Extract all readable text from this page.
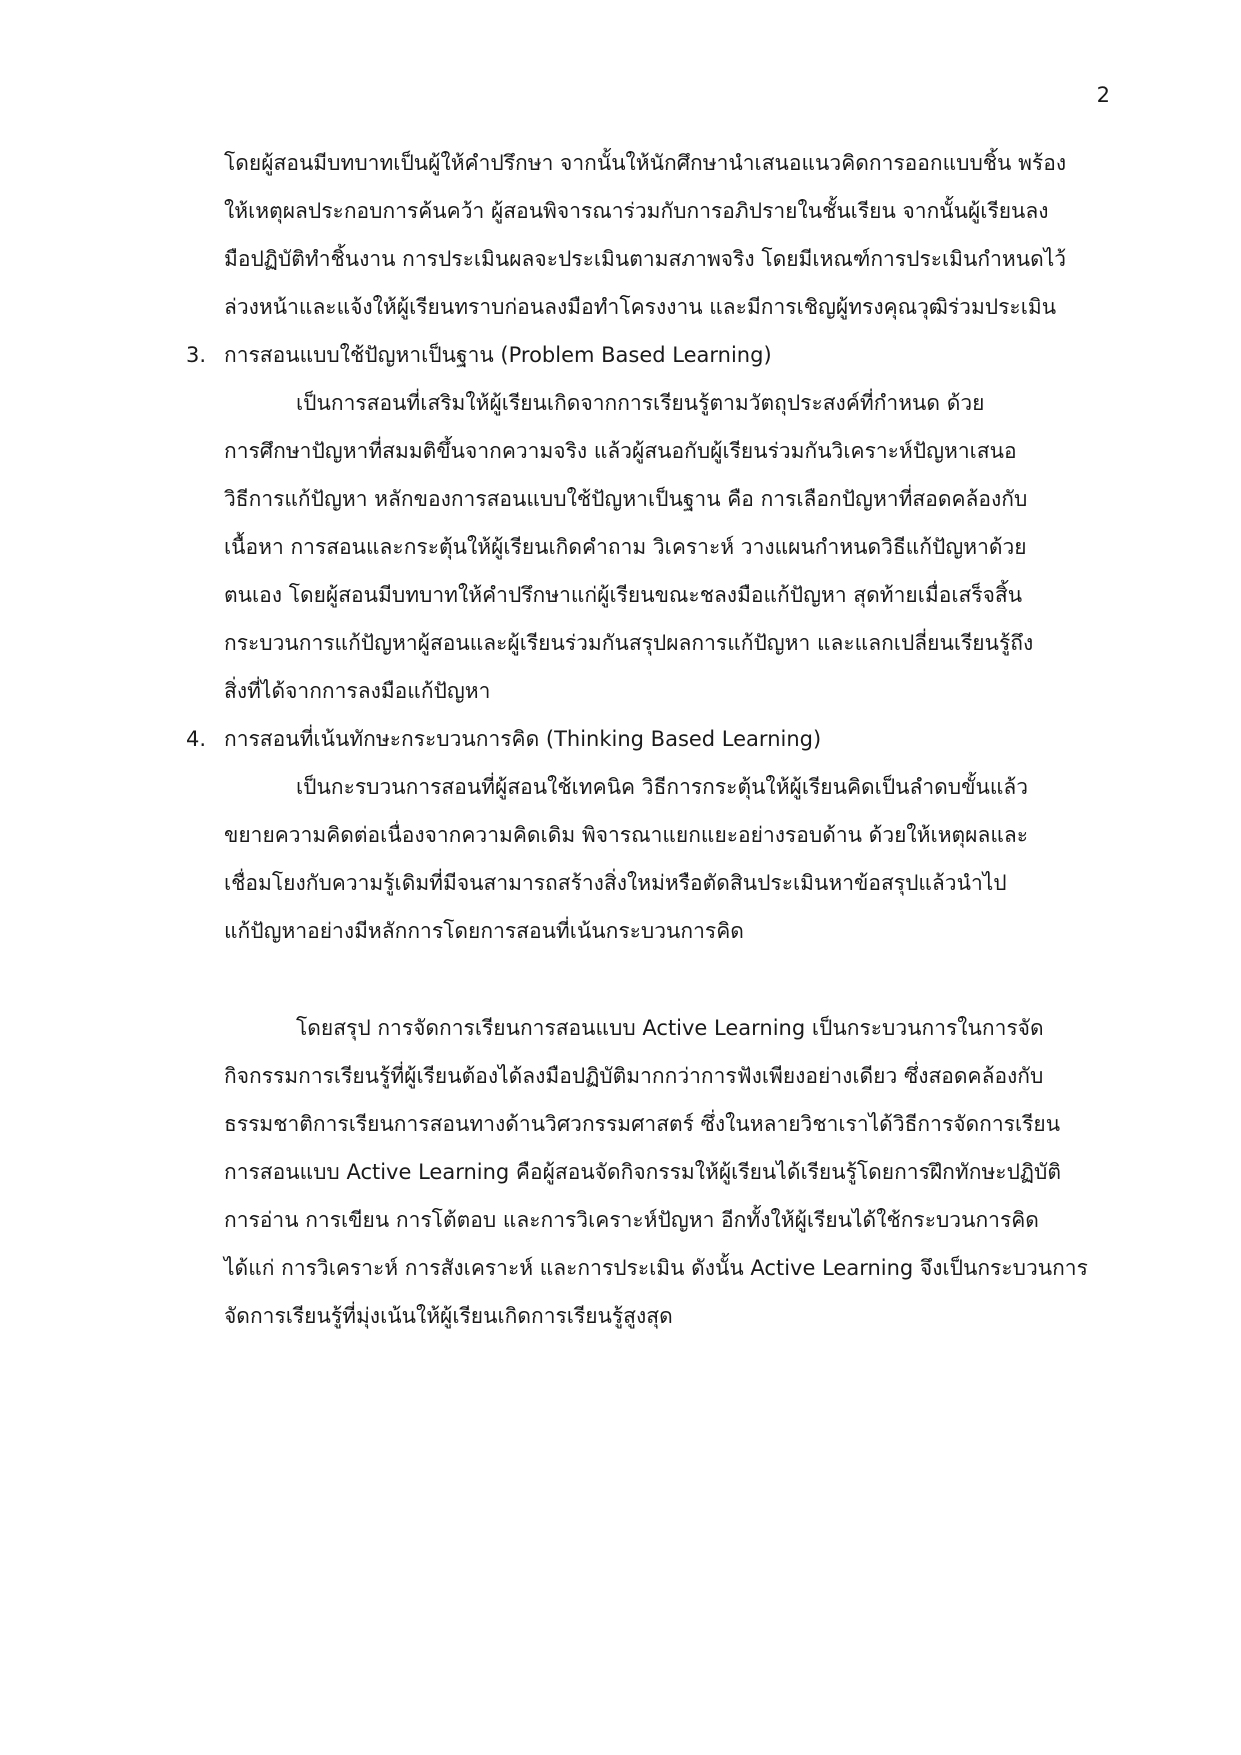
2
โดยผู้สอนมีบทบาทเป็นผู้ให้คำปรึกษา จากนั้นให้นักศึกษานำเสนอแนวคิดการออกแบบชิ้น พร้อง
ให้เหตุผลประกอบการค้นคว้า ผู้สอนพิจารณาร่วมกับการอภิปรายในชั้นเรียน จากนั้นผู้เรียนลง
มือปฏิบัติทำชิ้นงาน การประเมินผลจะประเมินตามสภาพจริง โดยมีเหณฑ์การประเมินกำหนดไว้
ล่วงหน้าและแจ้งให้ผู้เรียนทราบก่อนลงมือทำโครงงาน และมีการเชิญผู้ทรงคุณวุฒิร่วมประเมิน
3. การสอนแบบใช้ปัญหาเป็นฐาน (Problem Based Learning)
เป็นการสอนที่เสริมให้ผู้เรียนเกิดจากการเรียนรู้ตามวัตถุประสงค์ที่กำหนด ด้วย
การศึกษาปัญหาที่สมมติขึ้นจากความจริง แล้วผู้สนอกับผู้เรียนร่วมกันวิเคราะห์ปัญหาเสนอ
วิธีการแก้ปัญหา หลักของการสอนแบบใช้ปัญหาเป็นฐาน คือ การเลือกปัญหาที่สอดคล้องกับ
เนื้อหา การสอนและกระตุ้นให้ผู้เรียนเกิดคำถาม วิเคราะห์ วางแผนกำหนดวิธีแก้ปัญหาด้วย
ตนเอง โดยผู้สอนมีบทบาทให้คำปรึกษาแก่ผู้เรียนขณะชลงมือแก้ปัญหา สุดท้ายเมื่อเสร็จสิ้น
กระบวนการแก้ปัญหาผู้สอนและผู้เรียนร่วมกันสรุปผลการแก้ปัญหา และแลกเปลี่ยนเรียนรู้ถึง
สิ่งที่ได้จากการลงมือแก้ปัญหา
4. การสอนที่เน้นทักษะกระบวนการคิด (Thinking Based Learning)
เป็นกะรบวนการสอนที่ผู้สอนใช้เทคนิค วิธีการกระตุ้นให้ผู้เรียนคิดเป็นลำดบขั้นแล้ว
ขยายความคิดต่อเนื่องจากความคิดเดิม พิจารณาแยกแยะอย่างรอบด้าน ด้วยให้เหตุผลและ
เชื่อมโยงกับความรู้เดิมที่มีจนสามารถสร้างสิ่งใหม่หรือตัดสินประเมินหาข้อสรุปแล้วนำไป
แก้ปัญหาอย่างมีหลักการโดยการสอนที่เน้นกระบวนการคิด
โดยสรุป การจัดการเรียนการสอนแบบ Active Learning เป็นกระบวนการในการจัด
กิจกรรมการเรียนรู้ที่ผู้เรียนต้องได้ลงมือปฏิบัติมากกว่าการฟังเพียงอย่างเดียว ซึ่งสอดคล้องกับ
ธรรมชาติการเรียนการสอนทางด้านวิศวกรรมศาสตร์ ซึ่งในหลายวิชาเราได้วิธีการจัดการเรียน
การสอนแบบ Active Learning คือผู้สอนจัดกิจกรรมให้ผู้เรียนได้เรียนรู้โดยการฝึกทักษะปฏิบัติ
การอ่าน การเขียน การโต้ตอบ และการวิเคราะห์ปัญหา อีกทั้งให้ผู้เรียนได้ใช้กระบวนการคิด
ได้แก่ การวิเคราะห์ การสังเคราะห์ และการประเมิน ดังนั้น Active Learning จึงเป็นกระบวนการ
จัดการเรียนรู้ที่มุ่งเน้นให้ผู้เรียนเกิดการเรียนรู้สูงสุด
